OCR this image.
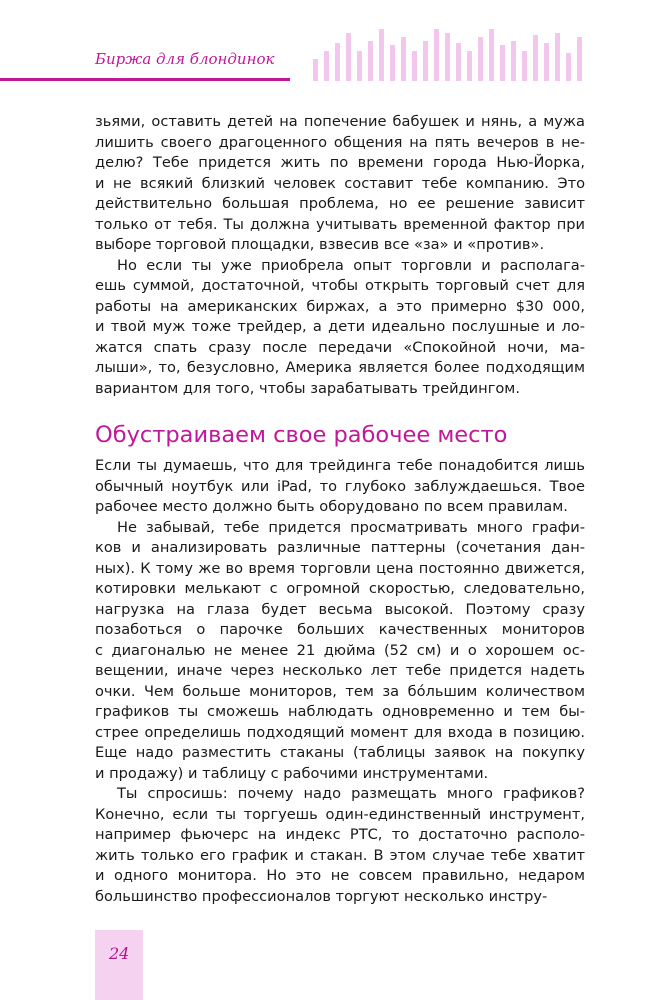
Биржа для блондинок
зьями, оставить детей на попечение бабушек и нянь, а мужа
лишить своего драгоценного общения на пять вечеров в не-
делю? Тебе придется жить по времени города Нью-Йорка,
и не всякий близкий человек составит тебе компанию. Это
действительно большая проблема, но ее решение зависит
только от тебя. Ты должна учитывать временной фактор при
выборе торговой площадки, взвесив все «за» и «против».
Но если ты уже приобрела опыт торговли и располага-
ешь суммой, достаточной, чтобы открыть торговый счет для
работы на американских биржах, а это примерно $30 000,
и твой муж тоже трейдер, а дети идеально послушные и ло-
жатся спать сразу после передачи «Спокойной ночи, ма-
лыши», то, безусловно, Америка является более подходящим
вариантом для того, чтобы зарабатывать трейдингом.
Обустраиваем свое рабочее место
Если ты думаешь, что для трейдинга тебе понадобится лишь
обычный ноутбук или iPad, то глубоко заблуждаешься. Твое
рабочее место должно быть оборудовано по всем правилам.
Не забывай, тебе придется просматривать много графи-
ков и анализировать различные паттерны (сочетания дан-
ных). К тому же во время торговли цена постоянно движется,
котировки мелькают с огромной скоростью, следовательно,
нагрузка на глаза будет весьма высокой. Поэтому сразу
позаботься о парочке больших качественных мониторов
с диагональю не менее 21 дюйма (52 см) и о хорошем ос-
вещении, иначе через несколько лет тебе придется надеть
очки. Чем больше мониторов, тем за бо́льшим количеством
графиков ты сможешь наблюдать одновременно и тем бы-
стрее определишь подходящий момент для входа в позицию.
Еще надо разместить стаканы (таблицы заявок на покупку
и продажу) и таблицу с рабочими инструментами.
Ты спросишь: почему надо размещать много графиков?
Конечно, если ты торгуешь один-единственный инструмент,
например фьючерс на индекс РТС, то достаточно располо-
жить только его график и стакан. В этом случае тебе хватит
и одного монитора. Но это не совсем правильно, недаром
большинство профессионалов торгуют несколько инстру-
24
